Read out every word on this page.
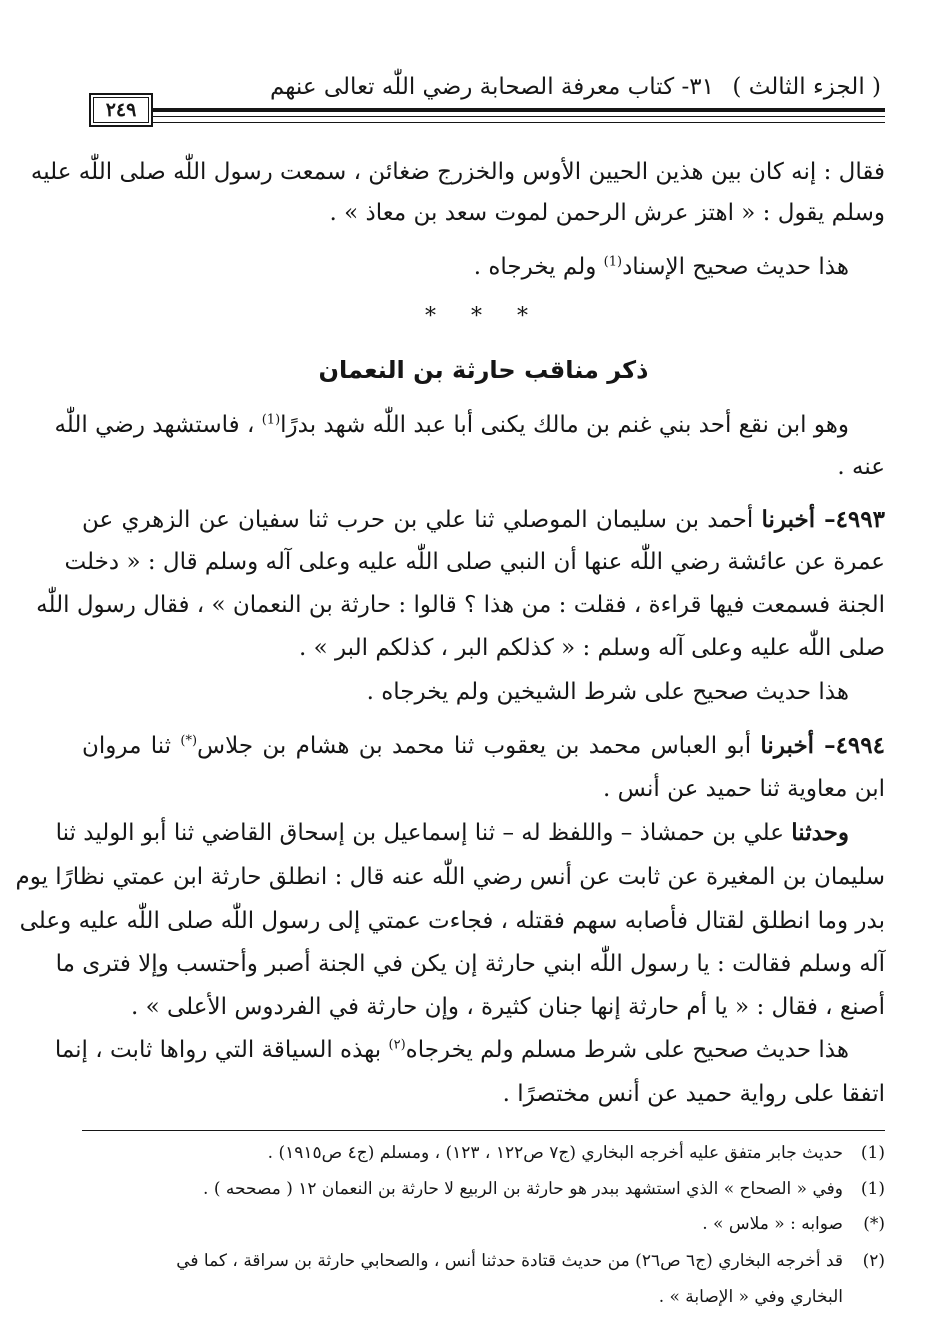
( الجزء الثالث )
٣١- كتاب معرفة الصحابة رضي اللّٰه تعالى عنهم
٢٤٩
فقال : إنه كان بين هذين الحيين الأوس والخزرج ضغائن ، سمعت رسول اللّٰه صلى اللّٰه عليه
وسلم يقول : « اهتز عرش الرحمن لموت سعد بن معاذ » .
هذا حديث صحيح الإسناد$^{(1)}$ ولم يخرجاه .
* * *
ذكر مناقب حارثة بن النعمان
وهو ابن نقع أحد بني غنم بن مالك يكنى أبا عبد اللّٰه شهد بدرًا$^{(1)}$ ، فاستشهد رضي اللّٰه
عنه .
٤٩٩٣– أخبرنا أحمد بن سليمان الموصلي ثنا علي بن حرب ثنا سفيان عن الزهري عن
عمرة عن عائشة رضي اللّٰه عنها أن النبي صلى اللّٰه عليه وعلى آله وسلم قال : « دخلت
الجنة فسمعت فيها قراءة ، فقلت : من هذا ؟ قالوا : حارثة بن النعمان » ، فقال رسول اللّٰه
صلى اللّٰه عليه وعلى آله وسلم : « كذلكم البر ، كذلكم البر » .
هذا حديث صحيح على شرط الشيخين ولم يخرجاه .
٤٩٩٤– أخبرنا أبو العباس محمد بن يعقوب ثنا محمد بن هشام بن جلاس(*) ثنا مروان
ابن معاوية ثنا حميد عن أنس .
وحدثنا علي بن حمشاذ – واللفظ له – ثنا إسماعيل بن إسحاق القاضي ثنا أبو الوليد ثنا
سليمان بن المغيرة عن ثابت عن أنس رضي اللّٰه عنه قال : انطلق حارثة ابن عمتي نظارًا يوم
بدر وما انطلق لقتال فأصابه سهم فقتله ، فجاءت عمتي إلى رسول اللّٰه صلى اللّٰه عليه وعلى
آله وسلم فقالت : يا رسول اللّٰه ابني حارثة إن يكن في الجنة أصبر وأحتسب وإلا فترى ما
أصنع ، فقال : « يا أم حارثة إنها جنان كثيرة ، وإن حارثة في الفردوس الأعلى » .
هذا حديث صحيح على شرط مسلم ولم يخرجاه$^{(٢)}$ بهذه السياقة التي رواها ثابت ، إنما
اتفقا على رواية حميد عن أنس مختصرًا .
(1)حديث جابر متفق عليه أخرجه البخاري (ج٧ ص١٢٢ ، ١٢٣) ، ومسلم (ج٤ ص١٩١٥) .
(1)وفي « الصحاح » الذي استشهد ببدر هو حارثة بن الربيع لا حارثة بن النعمان ١٢ ( مصححه ) .
(*)صوابه : « ملاس » .
(٢)قد أخرجه البخاري (ج٦ ص٢٦) من حديث قتادة حدثنا أنس ، والصحابي حارثة بن سراقة ، كما في
البخاري وفي « الإصابة » .
